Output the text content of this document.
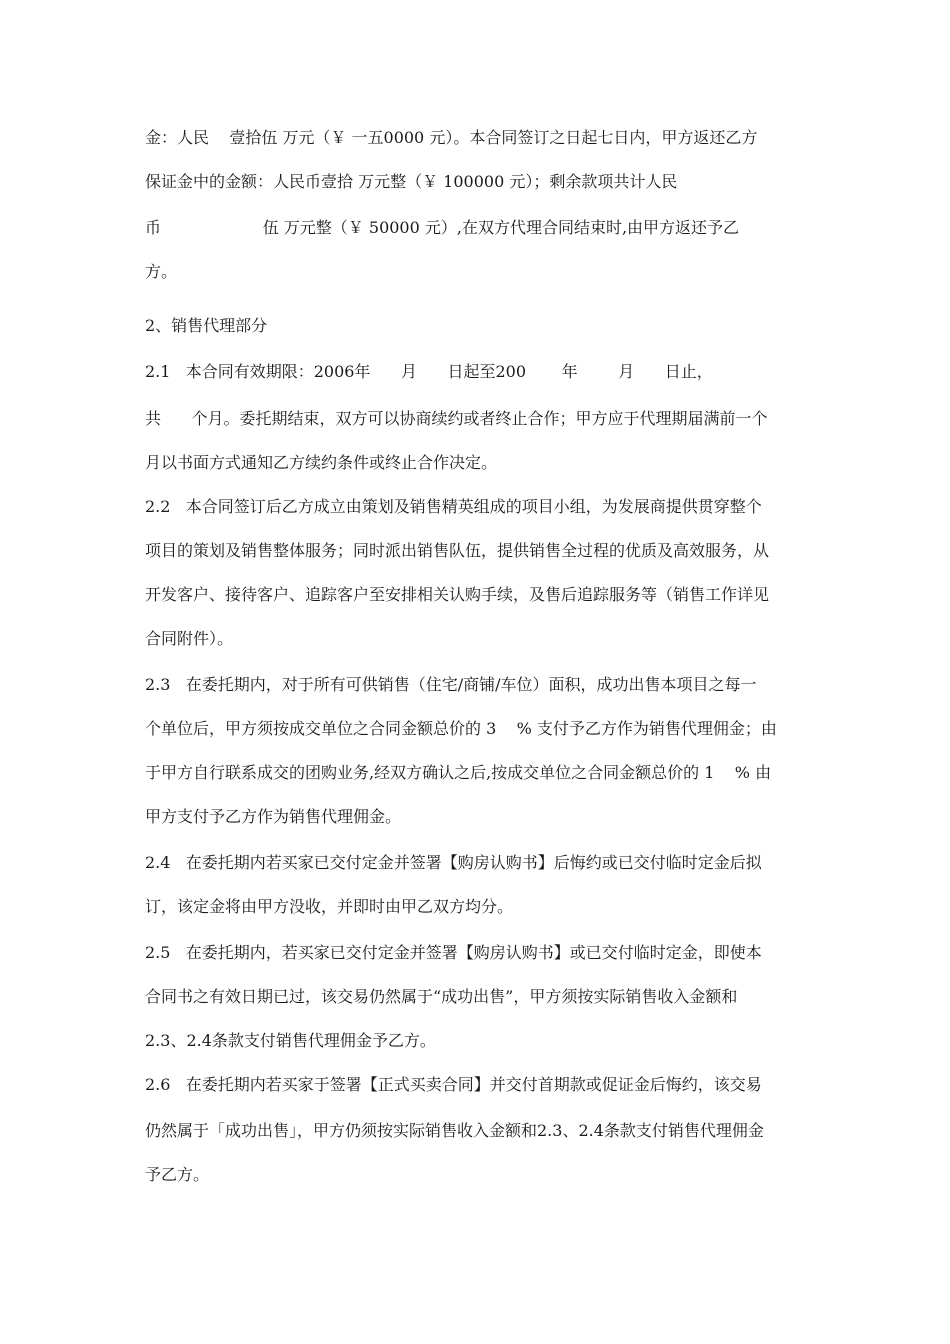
金：人民    壹拾伍 万元（￥ 一五0000 元）。本合同签订之日起七日内，甲方返还乙方
保证金中的金额：人民币壹拾 万元整（￥ 100000 元）；剩余款项共计人民
币                    伍 万元整（￥ 50000 元）,在双方代理合同结束时,由甲方返还予乙
方。
2、销售代理部分
2.1   本合同有效期限：2006年      月      日起至200       年        月      日止，
共      个月。委托期结束，双方可以协商续约或者终止合作；甲方应于代理期届满前一个
月以书面方式通知乙方续约条件或终止合作决定。
2.2   本合同签订后乙方成立由策划及销售精英组成的项目小组，为发展商提供贯穿整个
项目的策划及销售整体服务；同时派出销售队伍，提供销售全过程的优质及高效服务，从
开发客户、接待客户、追踪客户至安排相关认购手续，及售后追踪服务等（销售工作详见
合同附件）。
2.3   在委托期内，对于所有可供销售（住宅/商铺/车位）面积，成功出售本项目之每一
个单位后，甲方须按成交单位之合同金额总价的 3    % 支付予乙方作为销售代理佣金；由
于甲方自行联系成交的团购业务,经双方确认之后,按成交单位之合同金额总价的 1    % 由
甲方支付予乙方作为销售代理佣金。
2.4   在委托期内若买家已交付定金并签署【购房认购书】后悔约或已交付临时定金后拟
订，该定金将由甲方没收，并即时由甲乙双方均分。
2.5   在委托期内，若买家已交付定金并签署【购房认购书】或已交付临时定金，即使本
合同书之有效日期已过，该交易仍然属于“成功出售”，甲方须按实际销售收入金额和
2.3、2.4条款支付销售代理佣金予乙方。
2.6   在委托期内若买家于签署【正式买卖合同】并交付首期款或促证金后悔约，该交易
仍然属于「成功出售」，甲方仍须按实际销售收入金额和2.3、2.4条款支付销售代理佣金
予乙方。
